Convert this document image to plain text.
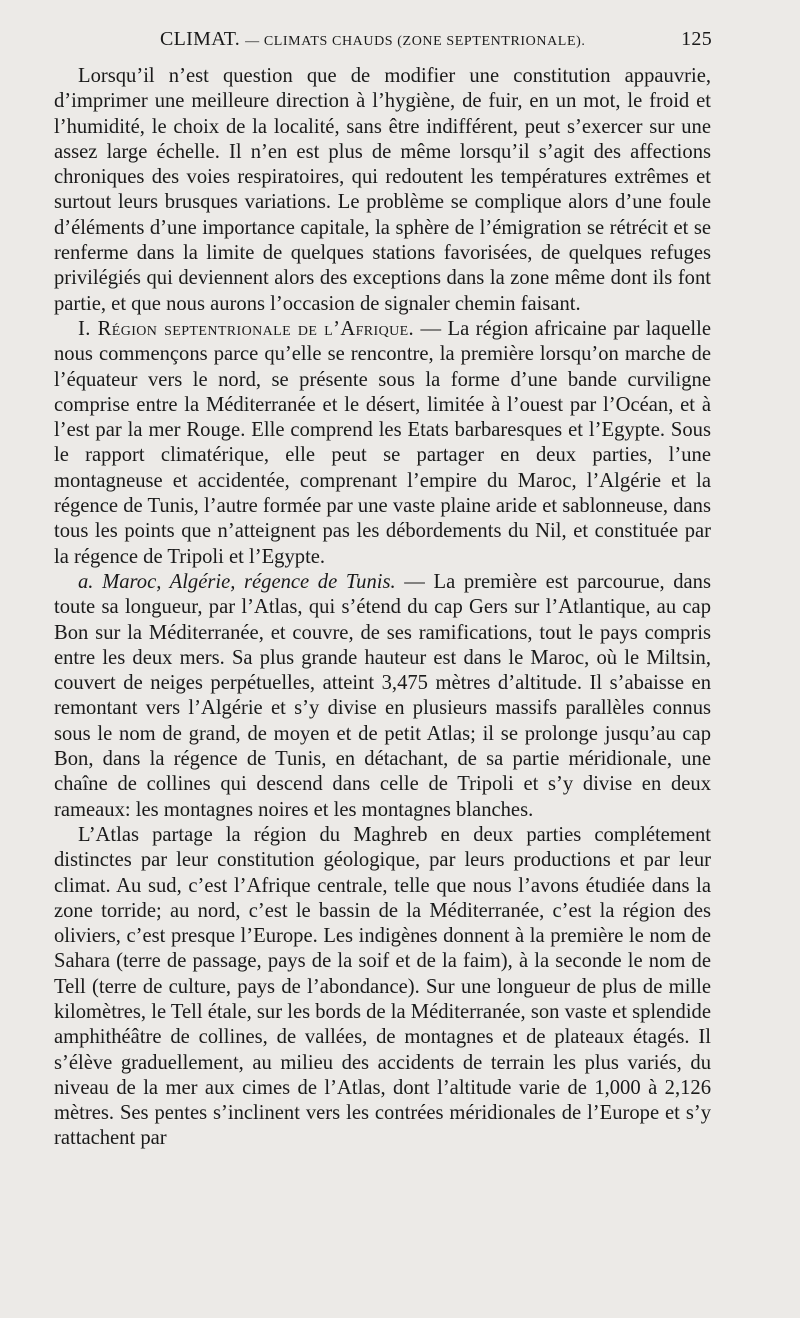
CLIMAT. — CLIMATS CHAUDS (ZONE SEPTENTRIONALE).	125

Lorsqu’il n’est question que de modifier une constitution appauvrie, d’imprimer une meilleure direction à l’hygiène, de fuir, en un mot, le froid et l’humidité, le choix de la localité, sans être indifférent, peut s’exercer sur une assez large échelle. Il n’en est plus de même lorsqu’il s’agit des affections chroniques des voies respiratoires, qui redoutent les températures extrêmes et surtout leurs brusques variations. Le problème se complique alors d’une foule d’éléments d’une importance capitale, la sphère de l’émigration se rétrécit et se renferme dans la limite de quelques stations favorisées, de quelques refuges privilégiés qui deviennent alors des exceptions dans la zone même dont ils font partie, et que nous aurons l’occasion de signaler chemin faisant.

I. Région septentrionale de l’Afrique. — La région africaine par laquelle nous commençons parce qu’elle se rencontre, la première lorsqu’on marche de l’équateur vers le nord, se présente sous la forme d’une bande curviligne comprise entre la Méditerranée et le désert, limitée à l’ouest par l’Océan, et à l’est par la mer Rouge. Elle comprend les Etats barbaresques et l’Egypte. Sous le rapport climatérique, elle peut se partager en deux parties, l’une montagneuse et accidentée, comprenant l’empire du Maroc, l’Algérie et la régence de Tunis, l’autre formée par une vaste plaine aride et sablonneuse, dans tous les points que n’atteignent pas les débordements du Nil, et constituée par la régence de Tripoli et l’Egypte.

a. Maroc, Algérie, régence de Tunis. — La première est parcourue, dans toute sa longueur, par l’Atlas, qui s’étend du cap Gers sur l’Atlantique, au cap Bon sur la Méditerranée, et couvre, de ses ramifications, tout le pays compris entre les deux mers. Sa plus grande hauteur est dans le Maroc, où le Miltsin, couvert de neiges perpétuelles, atteint 3,475 mètres d’altitude. Il s’abaisse en remontant vers l’Algérie et s’y divise en plusieurs massifs parallèles connus sous le nom de grand, de moyen et de petit Atlas; il se prolonge jusqu’au cap Bon, dans la régence de Tunis, en détachant, de sa partie méridionale, une chaîne de collines qui descend dans celle de Tripoli et s’y divise en deux rameaux: les montagnes noires et les montagnes blanches.

L’Atlas partage la région du Maghreb en deux parties complétement distinctes par leur constitution géologique, par leurs productions et par leur climat. Au sud, c’est l’Afrique centrale, telle que nous l’avons étudiée dans la zone torride; au nord, c’est le bassin de la Méditerranée, c’est la région des oliviers, c’est presque l’Europe. Les indigènes donnent à la première le nom de Sahara (terre de passage, pays de la soif et de la faim), à la seconde le nom de Tell (terre de culture, pays de l’abondance). Sur une longueur de plus de mille kilomètres, le Tell étale, sur les bords de la Méditerranée, son vaste et splendide amphithéâtre de collines, de vallées, de montagnes et de plateaux étagés. Il s’élève graduellement, au milieu des accidents de terrain les plus variés, du niveau de la mer aux cimes de l’Atlas, dont l’altitude varie de 1,000 à 2,126 mètres. Ses pentes s’inclinent vers les contrées méridionales de l’Europe et s’y rattachent par
